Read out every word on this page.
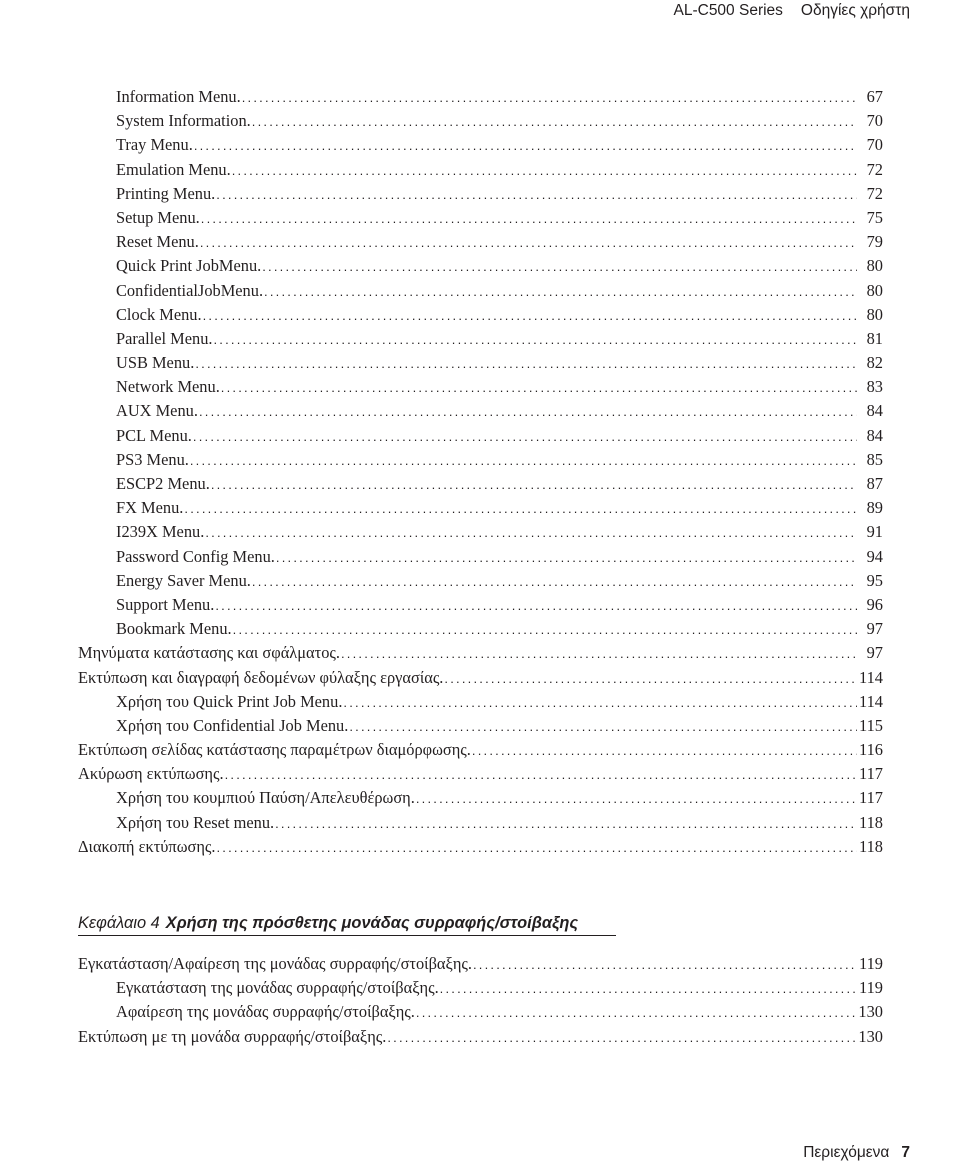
AL-C500 Series Οδηγίες χρήστη
Information Menu. .....	67
System Information. .....	70
Tray Menu. .....	70
Emulation Menu. .....	72
Printing Menu. .....	72
Setup Menu. .....	75
Reset Menu. .....	79
Quick Print JobMenu. .....	80
ConfidentialJobMenu. .....	80
Clock Menu. .....	80
Parallel Menu. .....	81
USB Menu. .....	82
Network Menu. .....	83
AUX Menu. .....	84
PCL Menu. .....	84
PS3 Menu. .....	85
ESCP2 Menu. .....	87
FX Menu. .....	89
I239X Menu. .....	91
Password Config Menu. .....	94
Energy Saver Menu. .....	95
Support Menu. .....	96
Bookmark Menu. .....	97
Μηνύματα κατάστασης και σφάλματος. .....	97
Εκτύπωση και διαγραφή δεδομένων φύλαξης εργασίας. .....	114
Χρήση του Quick Print Job Menu. .....	114
Χρήση του Confidential Job Menu. .....	115
Εκτύπωση σελίδας κατάστασης παραμέτρων διαμόρφωσης. .....	116
Ακύρωση εκτύπωσης. .....	117
Χρήση του κουμπιού Παύση/Απελευθέρωση. .....	117
Χρήση του Reset menu. .....	118
Διακοπή εκτύπωσης. .....	118
Κεφάλαιο 4 Χρήση της πρόσθετης μονάδας συρραφής/στοίβαξης
Εγκατάσταση/Αφαίρεση της μονάδας συρραφής/στοίβαξης. .....	119
Εγκατάσταση της μονάδας συρραφής/στοίβαξης. .....	119
Αφαίρεση της μονάδας συρραφής/στοίβαξης. .....	130
Εκτύπωση με τη μονάδα συρραφής/στοίβαξης. .....	130
Περιεχόμενα 7
